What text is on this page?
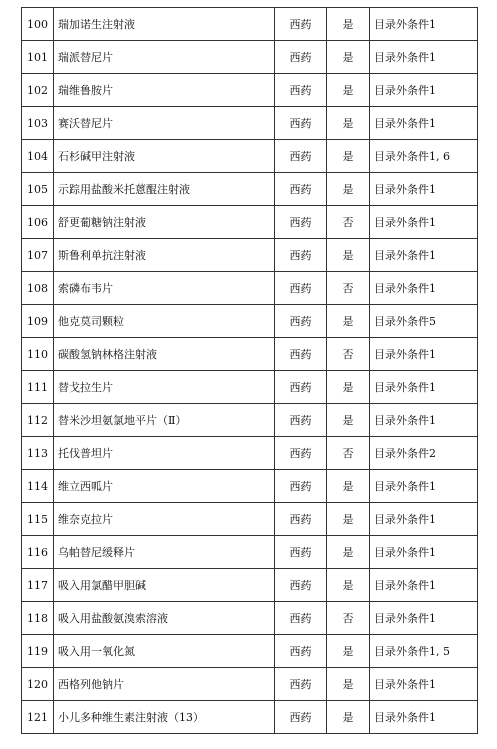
100	瑞加诺生注射液	西药	是	目录外条件1
101	瑞派替尼片	西药	是	目录外条件1
102	瑞维鲁胺片	西药	是	目录外条件1
103	赛沃替尼片	西药	是	目录外条件1
104	石杉碱甲注射液	西药	是	目录外条件1, 6
105	示踪用盐酸米托蒽醌注射液	西药	是	目录外条件1
106	舒更葡糖钠注射液	西药	否	目录外条件1
107	斯鲁利单抗注射液	西药	是	目录外条件1
108	索磷布韦片	西药	否	目录外条件1
109	他克莫司颗粒	西药	是	目录外条件5
110	碳酸氢钠林格注射液	西药	否	目录外条件1
111	替戈拉生片	西药	是	目录外条件1
112	替米沙坦氨氯地平片（Ⅱ）	西药	是	目录外条件1
113	托伐普坦片	西药	否	目录外条件2
114	维立西呱片	西药	是	目录外条件1
115	维奈克拉片	西药	是	目录外条件1
116	乌帕替尼缓释片	西药	是	目录外条件1
117	吸入用氯醋甲胆碱	西药	是	目录外条件1
118	吸入用盐酸氨溴索溶液	西药	否	目录外条件1
119	吸入用一氧化氮	西药	是	目录外条件1, 5
120	西格列他钠片	西药	是	目录外条件1
121	小儿多种维生素注射液（13）	西药	是	目录外条件1
